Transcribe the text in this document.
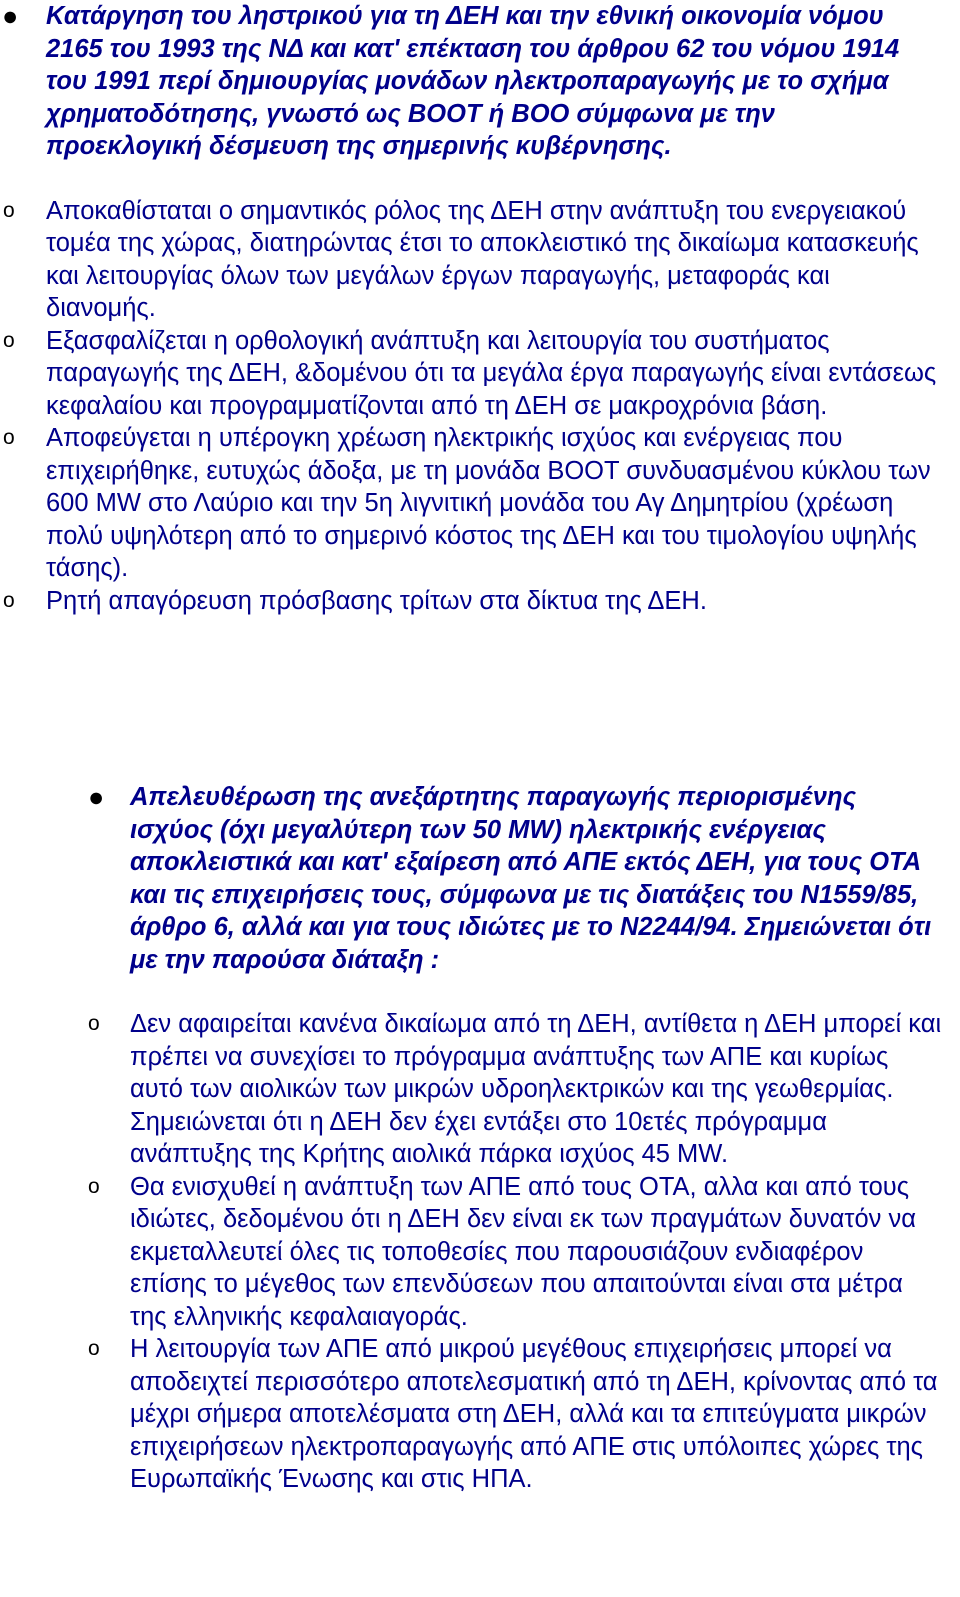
● Κατάργηση του ληστρικού για τη ΔΕΗ και την εθνική οικονομία νόμου 2165 του 1993 της ΝΔ και κατ' επέκταση του άρθρου 62 του νόμου 1914 του 1991 περί δημιουργίας μονάδων ηλεκτροπαραγωγής με το σχήμα χρηματοδότησης, γνωστό ως BOOT ή BOO σύμφωνα με την προεκλογική δέσμευση της σημερινής κυβέρνησης.

o Αποκαθίσταται ο σημαντικός ρόλος της ΔΕΗ στην ανάπτυξη του ενεργειακού τομέα της χώρας, διατηρώντας έτσι το αποκλειστικό της δικαίωμα κατασκευής και λειτουργίας όλων των μεγάλων έργων παραγωγής, μεταφοράς και διανομής.

o Εξασφαλίζεται η ορθολογική ανάπτυξη και λειτουργία του συστήματος παραγωγής της ΔΕΗ, &δομένου ότι τα μεγάλα έργα παραγωγής είναι εντάσεως κεφαλαίου και προγραμματίζονται από τη ΔΕΗ σε μακροχρόνια βάση.

o Αποφεύγεται η υπέρογκη χρέωση ηλεκτρικής ισχύος και ενέργειας που επιχειρήθηκε, ευτυχώς άδοξα, με τη μονάδα BOOT συνδυασμένου κύκλου των 600 MW στο Λαύριο και την 5η λιγνιτική μονάδα του Αγ Δημητρίου (χρέωση πολύ υψηλότερη από το σημερινό κόστος της ΔΕΗ και του τιμολογίου υψηλής τάσης).

o Ρητή απαγόρευση πρόσβασης τρίτων στα δίκτυα της ΔΕΗ.

● Απελευθέρωση της ανεξάρτητης παραγωγής περιορισμένης ισχύος (όχι μεγαλύτερη των 50 MW) ηλεκτρικής ενέργειας αποκλειστικά και κατ' εξαίρεση από ΑΠΕ εκτός ΔΕΗ, για τους ΟΤΑ και τις επιχειρήσεις τους, σύμφωνα με τις διατάξεις του Ν1559/85, άρθρο 6, αλλά και για τους ιδιώτες με το Ν2244/94. Σημειώνεται ότι με την παρούσα διάταξη :

o Δεν αφαιρείται κανένα δικαίωμα από τη ΔΕΗ, αντίθετα η ΔΕΗ μπορεί και πρέπει να συνεχίσει το πρόγραμμα ανάπτυξης των ΑΠΕ και κυρίως αυτό των αιολικών των μικρών υδροηλεκτρικών και της γεωθερμίας. Σημειώνεται ότι η ΔΕΗ δεν έχει εντάξει στο 10ετές πρόγραμμα ανάπτυξης της Κρήτης αιολικά πάρκα ισχύος 45 MW.

o Θα ενισχυθεί η ανάπτυξη των ΑΠΕ από τους ΟΤΑ, αλλα και από τους ιδιώτες, δεδομένου ότι η ΔΕΗ δεν είναι εκ των πραγμάτων δυνατόν να εκμεταλλευτεί όλες τις τοποθεσίες που παρουσιάζουν ενδιαφέρον επίσης το μέγεθος των επενδύσεων που απαιτούνται είναι στα μέτρα της ελληνικής κεφαλαιαγοράς.

o Η λειτουργία των ΑΠΕ από μικρού μεγέθους επιχειρήσεις μπορεί να αποδειχτεί περισσότερο αποτελεσματική από τη ΔΕΗ, κρίνοντας από τα μέχρι σήμερα αποτελέσματα στη ΔΕΗ, αλλά και τα επιτεύγματα μικρών επιχειρήσεων ηλεκτροπαραγωγής από ΑΠΕ στις υπόλοιπες χώρες της Ευρωπαϊκής Ένωσης και στις ΗΠΑ.
